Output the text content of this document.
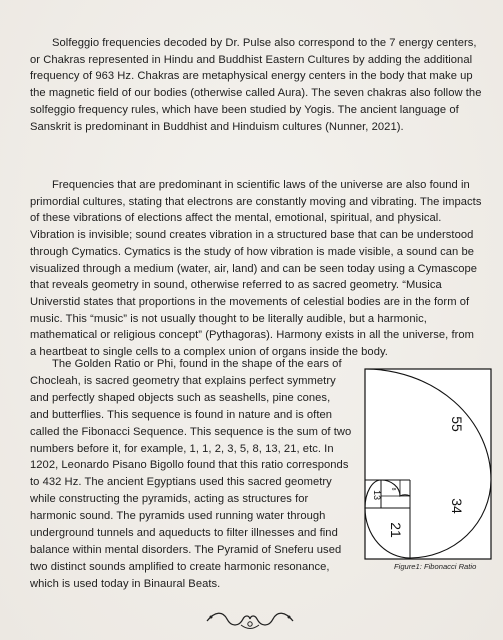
Solfeggio frequencies decoded by Dr. Pulse also correspond to the 7 energy centers, or Chakras represented in Hindu and Buddhist Eastern Cultures by adding the additional frequency of 963 Hz. Chakras are metaphysical energy centers in the body that make up the magnetic field of our bodies (otherwise called Aura). The seven chakras also follow the solfeggio frequency rules, which have been studied by Yogis. The ancient language of Sanskrit is predominant in Buddhist and Hinduism cultures (Nunner, 2021).

Frequencies that are predominant in scientific laws of the universe are also found in primordial cultures, stating that electrons are constantly moving and vibrating. The impacts of these vibrations of elections affect the mental, emotional, spiritual, and physical. Vibration is invisible; sound creates vibration in a structured base that can be understood through Cymatics. Cymatics is the study of how vibration is made visible, a sound can be visualized through a medium (water, air, land) and can be seen today using a Cymascope that reveals geometry in sound, otherwise referred to as sacred geometry. “Musica Universtid states that proportions in the movements of celestial bodies are in the form of music. This “music” is not usually thought to be literally audible, but a harmonic, mathematical or religious concept” (Pythagoras). Harmony exists in all the universe, from a heartbeat to single cells to a complex union of organs inside the body.

The Golden Ratio or Phi, found in the shape of the ears of Chocleah, is sacred geometry that explains perfect symmetry and perfectly shaped objects such as seashells, pine cones, and butterflies. This sequence is found in nature and is often called the Fibonacci Sequence. This sequence is the sum of two numbers before it, for example, 1, 1, 2, 3, 5, 8, 13, 21, etc. In 1202, Leonardo Pisano Bigollo found that this ratio corresponds to 432 Hz. The ancient Egyptians used this sacred geometry while constructing the pyramids, acting as structures for harmonic sound. The pyramids used running water through underground tunnels and aqueducts to filter illnesses and find balance within mental disorders. The Pyramid of Sneferu used two distinct sounds amplified to create harmonic resonance, which is used today in Binaural Beats.

55
34
21
13
8
Figure1: Fibonacci Ratio
